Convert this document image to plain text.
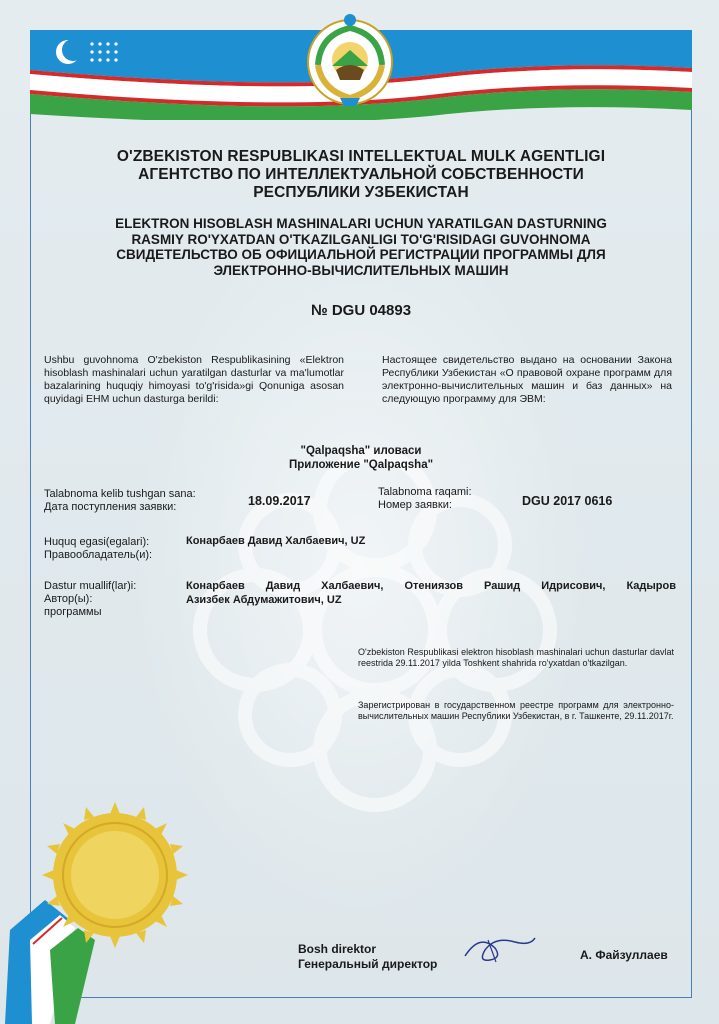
O'ZBEKISTON RESPUBLIKASI INTELLEKTUAL MULK AGENTLIGI
АГЕНТСТВО ПО ИНТЕЛЛЕКТУАЛЬНОЙ СОБСТВЕННОСТИ
РЕСПУБЛИКИ УЗБЕКИСТАН
ELEKTRON HISOBLASH MASHINALARI UCHUN YARATILGAN DASTURNING
RASMIY RO'YXATDAN O'TKAZILGANLIGI TO'G'RISIDAGI GUVOHNOMA
СВИДЕТЕЛЬСТВО ОБ ОФИЦИАЛЬНОЙ РЕГИСТРАЦИИ ПРОГРАММЫ ДЛЯ
ЭЛЕКТРОННО-ВЫЧИСЛИТЕЛЬНЫХ МАШИН
№ DGU 04893
Ushbu guvohnoma O'zbekiston Respublikasining «Elektron hisoblash mashinalari uchun yaratilgan dasturlar va ma'lumotlar bazalarining huquqiy himoyasi to'g'risida»gi Qonuniga asosan quyidagi EHM uchun dasturga berildi:
Настоящее свидетельство выдано на основании Закона Республики Узбекистан «О правовой охране программ для электронно-вычислительных машин и баз данных» на следующую программу для ЭВМ:
"Qalpaqsha" иловаси
Приложение "Qalpaqsha"
Talabnoma kelib tushgan sana:
Дата поступления заявки:	18.09.2017
Talabnoma raqami:
Номер заявки:	DGU 2017 0616
Huquq egasi(egalari):
Правообладатель(и):
Конарбаев Давид Халбаевич, UZ
Dastur muallif(lar)i:
Автор(ы):
программы
Конарбаев Давид Халбаевич, Отениязов Рашид Идрисович, Кадыров
Азизбек Абдумажитович, UZ
O'zbekiston Respublikasi elektron hisoblash mashinalari uchun dasturlar davlat reestrida 29.11.2017 yilda Toshkent shahrida ro'yxatdan o'tkazilgan.
Зарегистрирован в государственном реестре программ для электронно-вычислительных машин Республики Узбекистан, в г. Ташкенте, 29.11.2017г.
Bosh direktor
Генеральный директор
А. Файзуллаев
